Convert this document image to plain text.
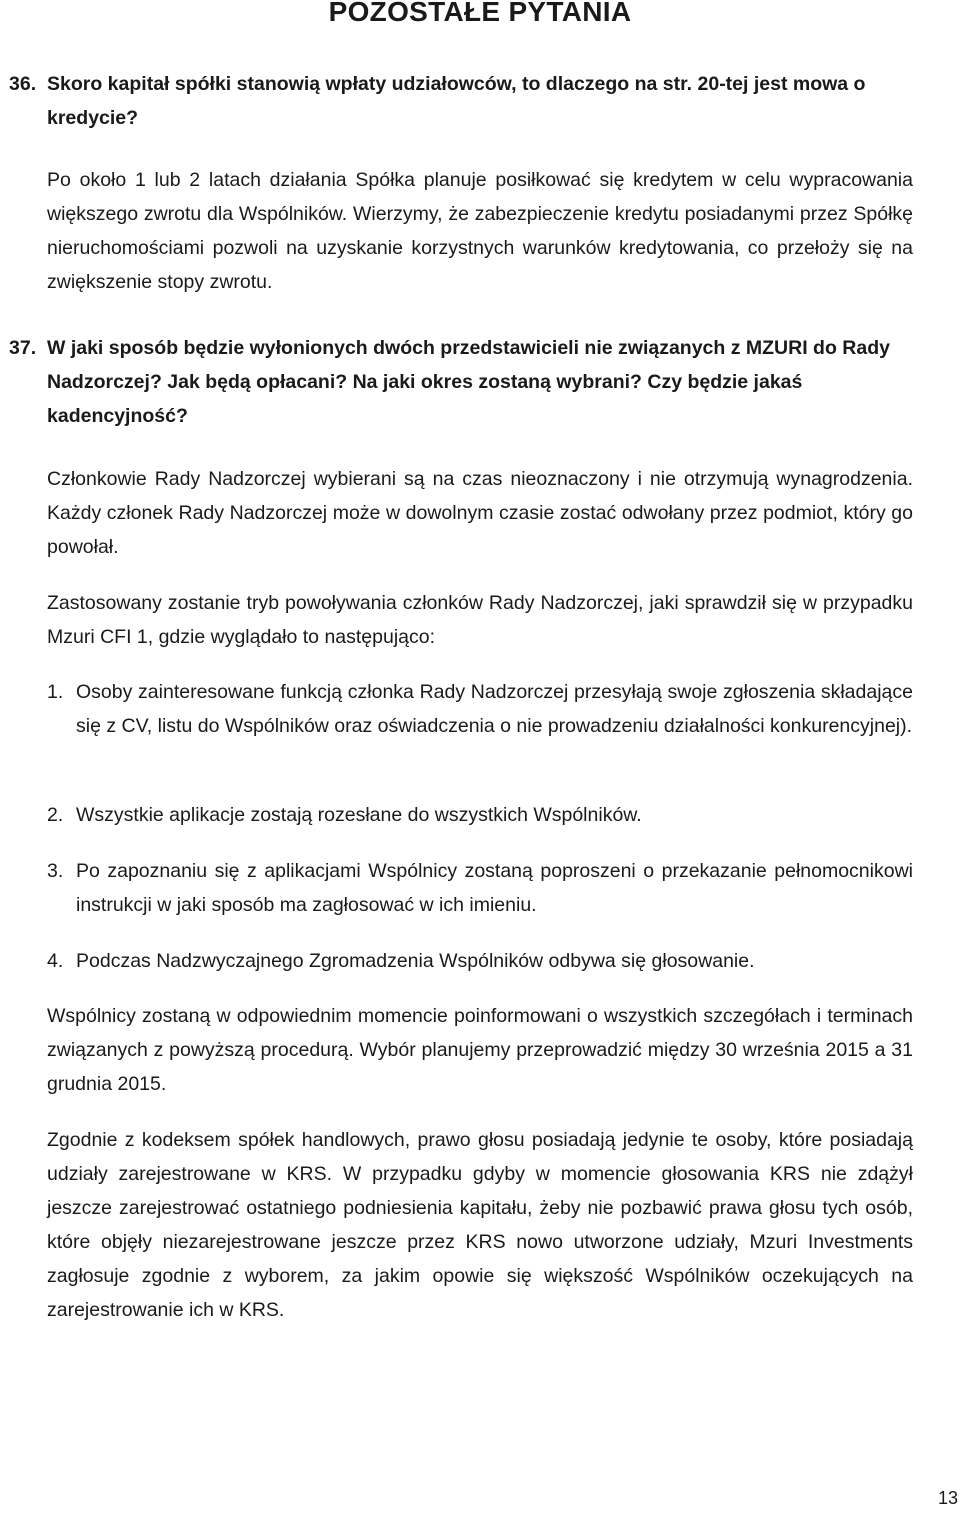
POZOSTAŁE PYTANIA
36. Skoro kapitał spółki stanowią wpłaty udziałowców, to dlaczego na str. 20-tej jest mowa o kredycie?
Po około 1 lub 2 latach działania Spółka planuje posiłkować się kredytem w celu wypracowania większego zwrotu dla Wspólników. Wierzymy, że zabezpieczenie kredytu posiadanymi przez Spółkę nieruchomościami pozwoli na uzyskanie korzystnych warunków kredytowania, co przełoży się na zwiększenie stopy zwrotu.
37. W jaki sposób będzie wyłonionych dwóch przedstawicieli nie związanych z MZURI do Rady Nadzorczej? Jak będą opłacani? Na jaki okres zostaną wybrani? Czy będzie jakaś kadencyjność?
Członkowie Rady Nadzorczej wybierani są na czas nieoznaczony i nie otrzymują wynagrodzenia. Każdy członek Rady Nadzorczej może w dowolnym czasie zostać odwołany przez podmiot, który go powołał.
Zastosowany zostanie tryb powoływania członków Rady Nadzorczej, jaki sprawdził się w przypadku Mzuri CFI 1, gdzie wyglądało to następująco:
1. Osoby zainteresowane funkcją członka Rady Nadzorczej przesyłają swoje zgłoszenia składające się z CV, listu do Wspólników oraz oświadczenia o nie prowadzeniu działalności konkurencyjnej).
2. Wszystkie aplikacje zostają rozesłane do wszystkich Wspólników.
3. Po zapoznaniu się z aplikacjami Wspólnicy zostaną poproszeni o przekazanie pełnomocnikowi instrukcji w jaki sposób ma zagłosować w ich imieniu.
4. Podczas Nadzwyczajnego Zgromadzenia Wspólników odbywa się głosowanie.
Wspólnicy zostaną w odpowiednim momencie poinformowani o wszystkich szczegółach i terminach związanych z powyższą procedurą. Wybór planujemy przeprowadzić między 30 września 2015 a 31 grudnia 2015.
Zgodnie z kodeksem spółek handlowych, prawo głosu posiadają jedynie te osoby, które posiadają udziały zarejestrowane w KRS. W przypadku gdyby w momencie głosowania KRS nie zdążył jeszcze zarejestrować ostatniego podniesienia kapitału, żeby nie pozbawić prawa głosu tych osób, które objęły niezarejestrowane jeszcze przez KRS nowo utworzone udziały, Mzuri Investments zagłosuje zgodnie z wyborem, za jakim opowie się większość Wspólników oczekujących na zarejestrowanie ich w KRS.
13
